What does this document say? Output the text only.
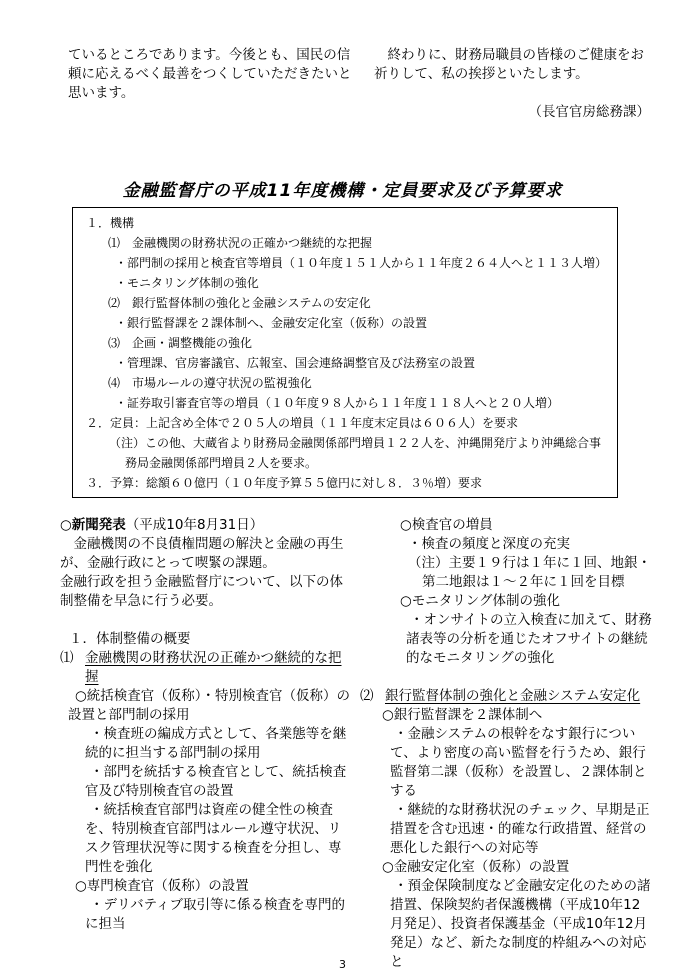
ているところであります。今後とも、国民の信頼に応えるべく最善をつくしていただきたいと思います。
　終わりに、財務局職員の皆様のご健康をお祈りして、私の挨拶といたします。
（長官官房総務課）
金融監督庁の平成11年度機構・定員要求及び予算要求
１．機構
⑴　金融機関の財務状況の正確かつ継続的な把握
・部門制の採用と検査官等増員（１０年度１５１人から１１年度２６４人へと１１３人増）
・モニタリング体制の強化
⑵　銀行監督体制の強化と金融システムの安定化
・銀行監督課を２課体制へ、金融安定化室（仮称）の設置
⑶　企画・調整機能の強化
・管理課、官房審議官、広報室、国会連絡調整官及び法務室の設置
⑷　市場ルールの遵守状況の監視強化
・証券取引審査官等の増員（１０年度９８人から１１年度１１８人へと２０人増）
２．定員：上記含め全体で２０５人の増員（１１年度末定員は６０６人）を要求
（注）この他、大蔵省より財務局金融関係部門増員１２２人を、沖縄開発庁より沖縄総合事務局金融関係部門増員２人を要求。
３．予算：総額６０億円（１０年度予算５５億円に対し８．３％増）要求
○新聞発表（平成10年8月31日）
　金融機関の不良債権問題の解決と金融の再生が、金融行政にとって喫緊の課題。
金融行政を担う金融監督庁について、以下の体制整備を早急に行う必要。
１．体制整備の概要
⑴ 金融機関の財務状況の正確かつ継続的な把握
○統括検査官（仮称）・特別検査官（仮称）の設置と部門制の採用
・検査班の編成方式として、各業態等を継続的に担当する部門制の採用
・部門を統括する検査官として、統括検査官及び特別検査官の設置
・統括検査官部門は資産の健全性の検査を、特別検査官部門はルール遵守状況、リスク管理状況等に関する検査を分担し、専門性を強化
○専門検査官（仮称）の設置
・デリバティブ取引等に係る検査を専門的に担当
○検査官の増員
・検査の頻度と深度の充実
（注）主要１９行は１年に１回、地銀・第二地銀は１～２年に１回を目標
○モニタリング体制の強化
・オンサイトの立入検査に加えて、財務諸表等の分析を通じたオフサイトの継続的なモニタリングの強化
⑵ 銀行監督体制の強化と金融システム安定化
○銀行監督課を２課体制へ
・金融システムの根幹をなす銀行について、より密度の高い監督を行うため、銀行監督第二課（仮称）を設置し、２課体制とする
・継続的な財務状況のチェック、早期是正措置を含む迅速・的確な行政措置、経営の悪化した銀行への対応等
○金融安定化室（仮称）の設置
・預金保険制度など金融安定化のための諸措置、保険契約者保護機構（平成10年12月発足）、投資者保護基金（平成10年12月発足）など、新たな制度的枠組みへの対応と
3
